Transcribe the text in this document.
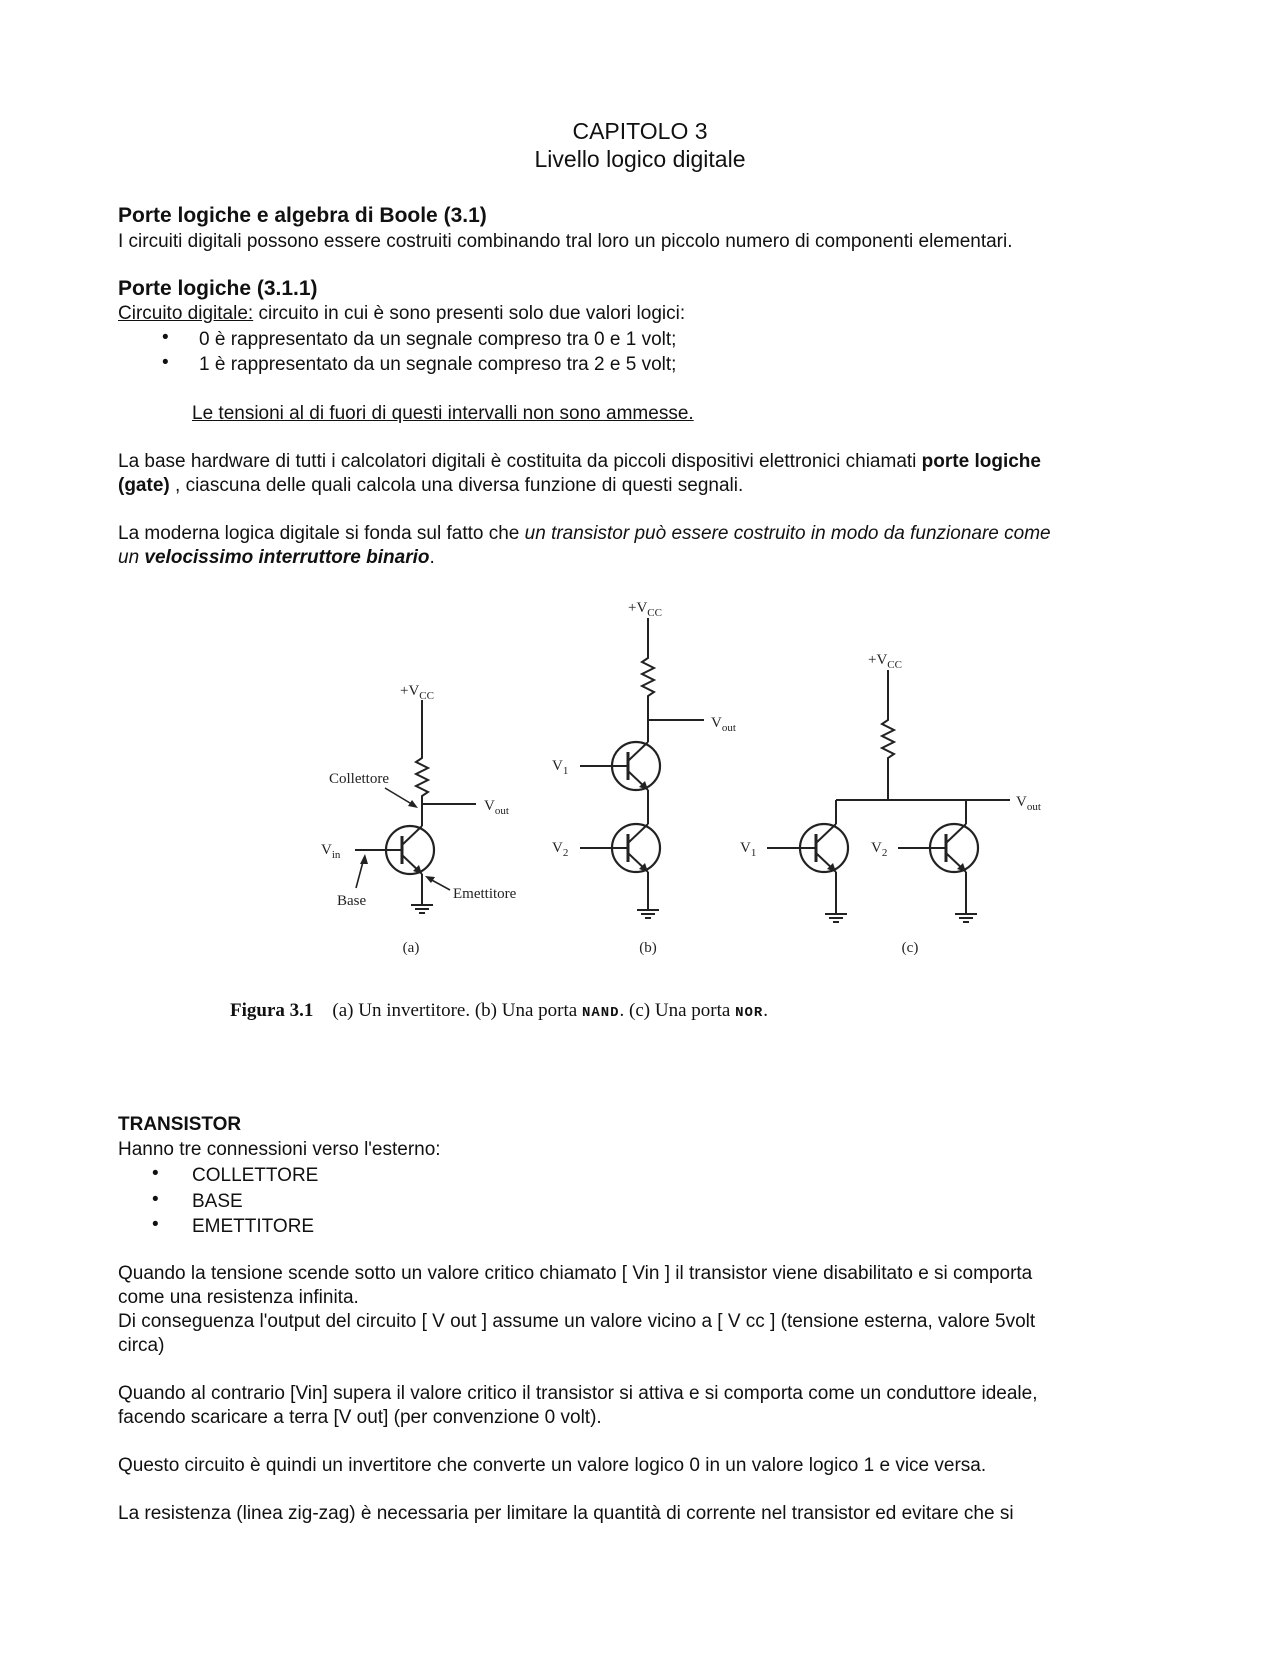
CAPITOLO 3
Livello logico digitale
Porte logiche e algebra di Boole (3.1)
I circuiti digitali possono essere costruiti combinando tral loro un piccolo numero di componenti elementari.
Porte logiche (3.1.1)
Circuito digitale: circuito in cui è sono presenti solo due valori logici:
• 0 è rappresentato da un segnale compreso tra 0 e 1 volt;
• 1 è rappresentato da un segnale compreso tra 2 e 5 volt;
Le tensioni al di fuori di questi intervalli non sono ammesse.
La base hardware di tutti i calcolatori digitali è costituita da piccoli dispositivi elettronici chiamati porte logiche
(gate) , ciascuna delle quali calcola una diversa funzione di questi segnali.
La moderna logica digitale si fonda sul fatto che un transistor può essere costruito in modo da funzionare come
un velocissimo interruttore binario.
$+V_{CC}$
$V_{out}$
$V_{in}$
Collettore
Base	Emettitore
(a)
$+V_{CC}$
$V_{out}$
$V_1$
$V_2$
(b)
$+V_{CC}$
$V_{out}$
$V_1$	$V_2$
(c)
Figura 3.1 (a) Un invertitore. (b) Una porta NAND. (c) Una porta NOR.
TRANSISTOR
Hanno tre connessioni verso l'esterno:
• COLLETTORE
• BASE
• EMETTITORE
Quando la tensione scende sotto un valore critico chiamato [ Vin ] il transistor viene disabilitato e si comporta
come una resistenza infinita.
Di conseguenza l'output del circuito [ V out ] assume un valore vicino a [ V cc ] (tensione esterna, valore 5volt
circa)
Quando al contrario [Vin] supera il valore critico il transistor si attiva e si comporta come un conduttore ideale,
facendo scaricare a terra [V out] (per convenzione 0 volt).
Questo circuito è quindi un invertitore che converte un valore logico 0 in un valore logico 1 e vice versa.
La resistenza (linea zig-zag) è necessaria per limitare la quantità di corrente nel transistor ed evitare che si
